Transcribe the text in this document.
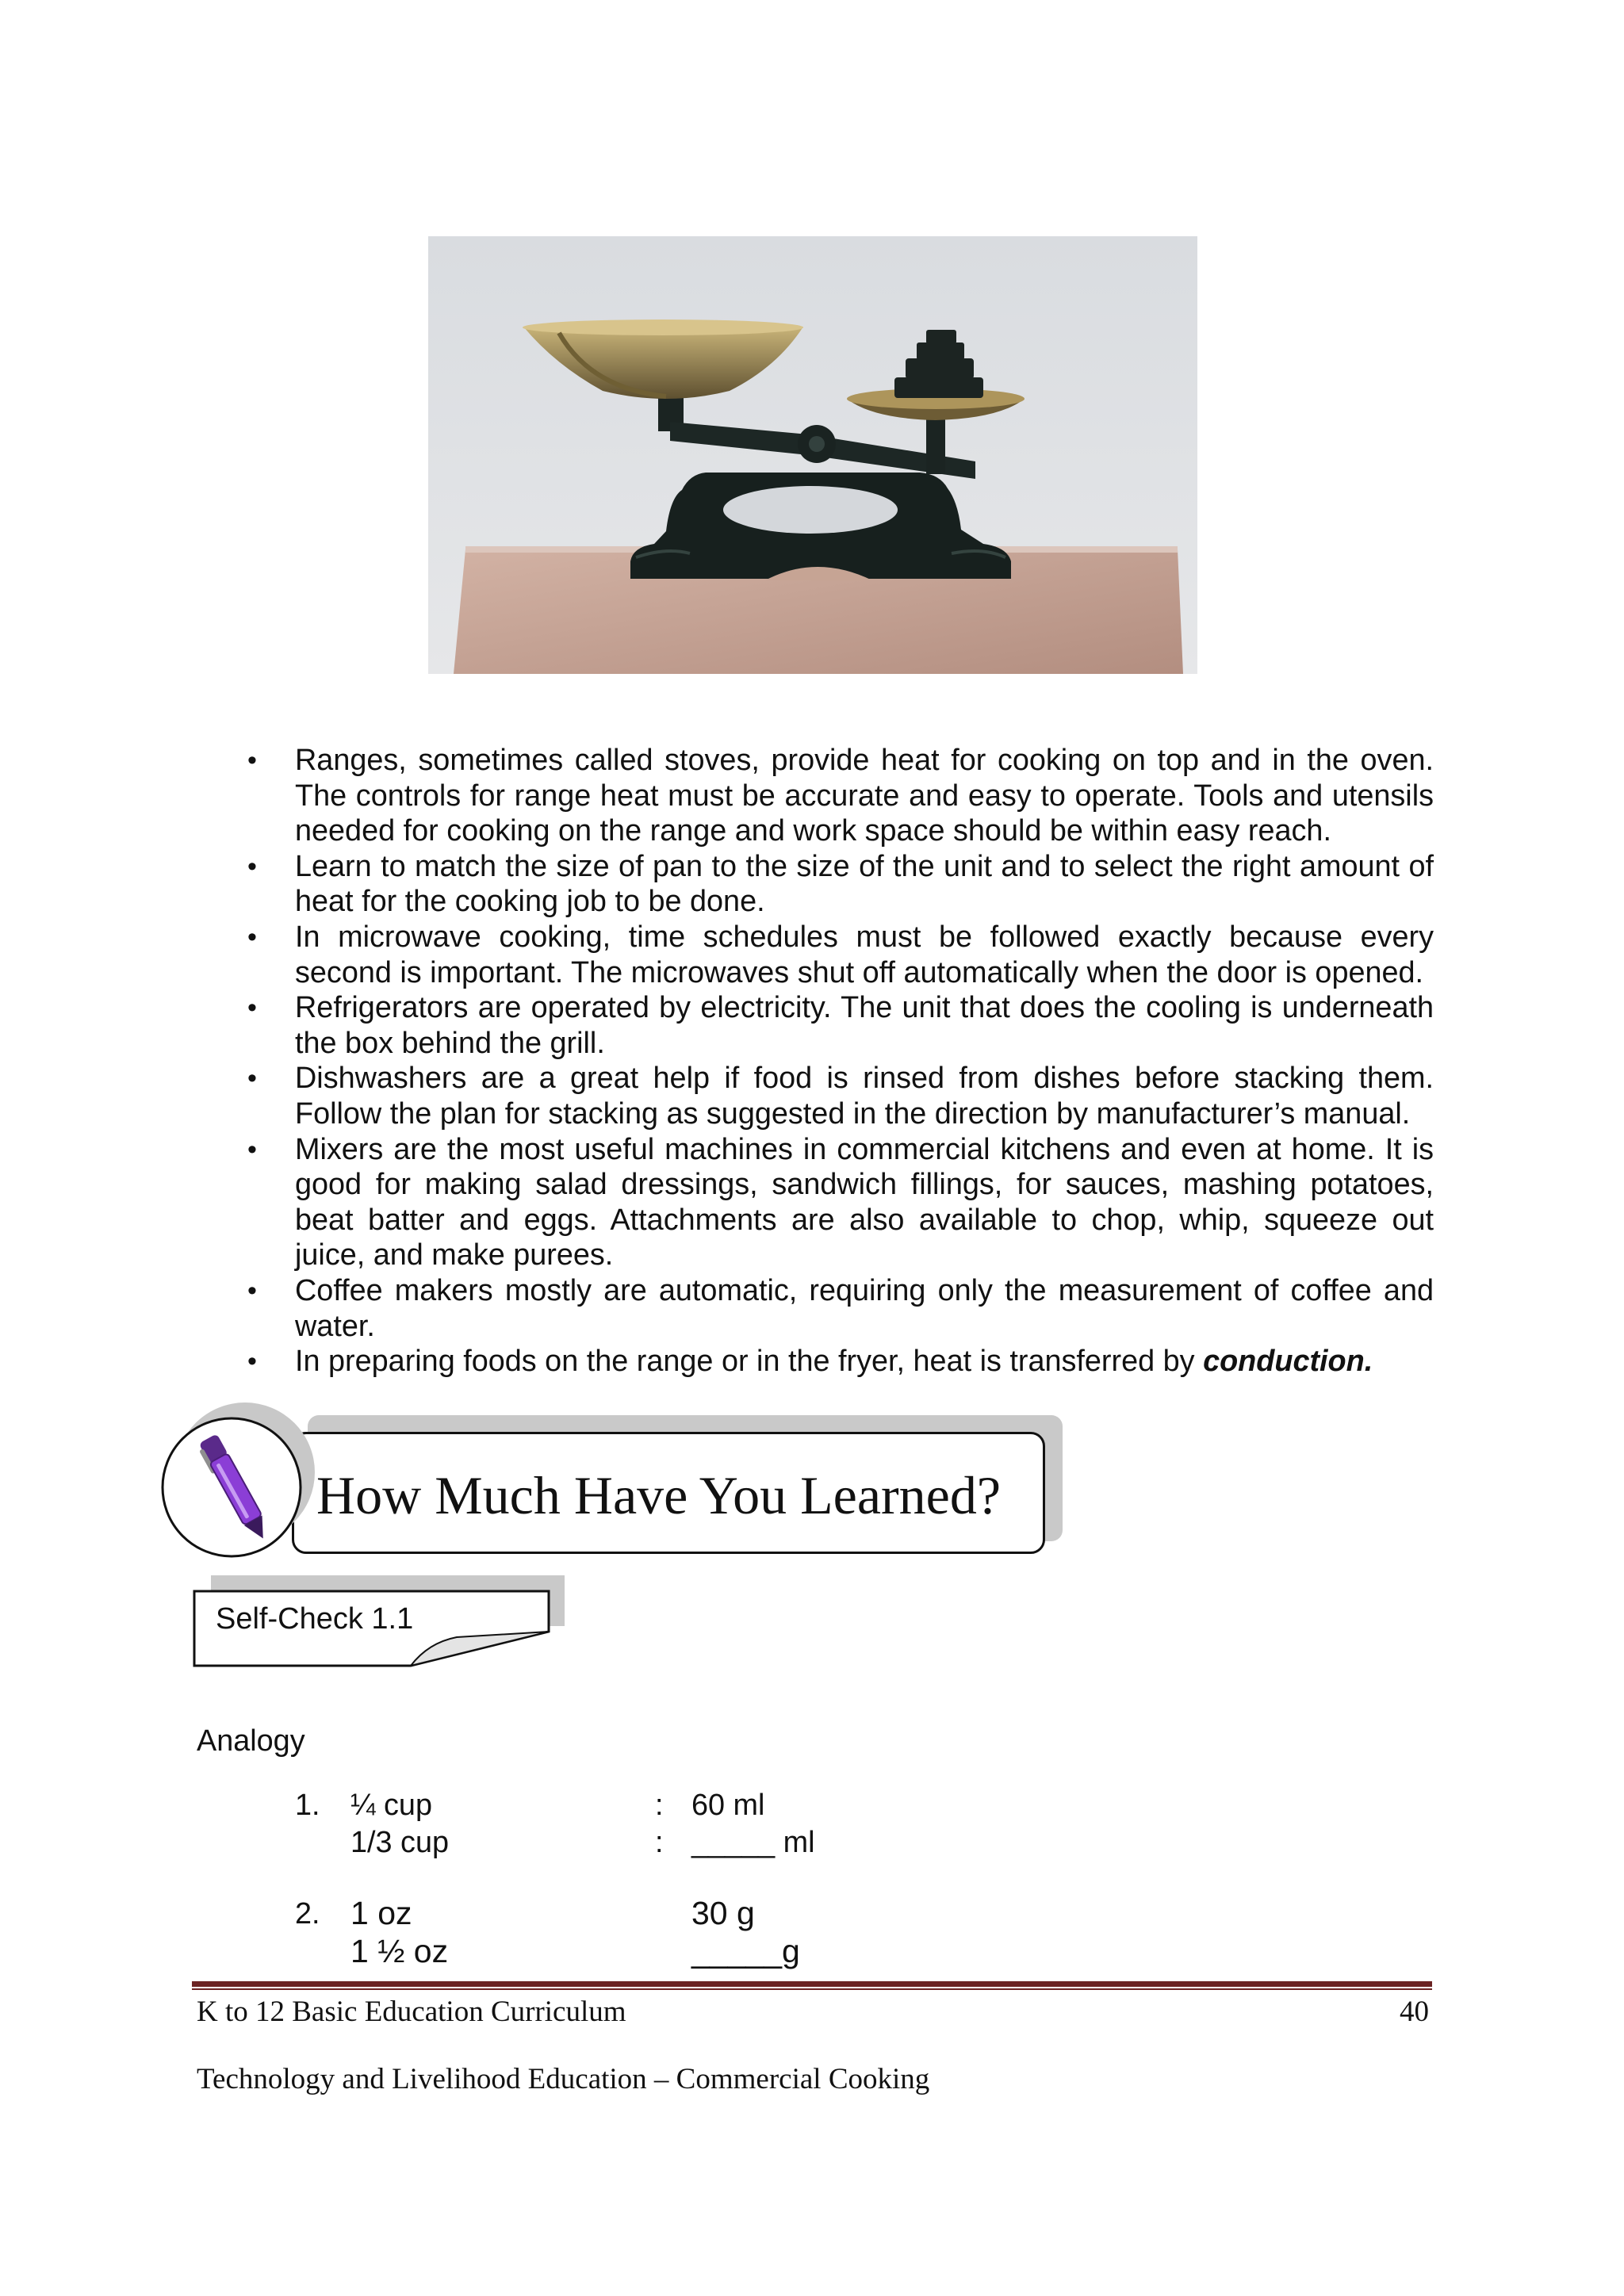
• Ranges, sometimes called stoves, provide heat for cooking on top and in the oven. The controls for range heat must be accurate and easy to operate. Tools and utensils needed for cooking on the range and work space should be within easy reach.
• Learn to match the size of pan to the size of the unit and to select the right amount of heat for the cooking job to be done.
• In microwave cooking, time schedules must be followed exactly because every second is important. The microwaves shut off automatically when the door is opened.
• Refrigerators are operated by electricity. The unit that does the cooling is underneath the box behind the grill.
• Dishwashers are a great help if food is rinsed from dishes before stacking them. Follow the plan for stacking as suggested in the direction by manufacturer’s manual.
• Mixers are the most useful machines in commercial kitchens and even at home. It is good for making salad dressings, sandwich fillings, for sauces, mashing potatoes, beat batter and eggs. Attachments are also available to chop, whip, squeeze out juice, and make purees.
• Coffee makers mostly are automatic, requiring only the measurement of coffee and water.
• In preparing foods on the range or in the fryer, heat is transferred by conduction.
How Much Have You Learned?
Self-Check 1.1
Analogy
1. ¼ cup	: 60 ml
1/3 cup	: _____ ml
2. 1 oz	30 g
1 ½ oz	_____g
K to 12 Basic Education Curriculum	40
Technology and Livelihood Education – Commercial Cooking
